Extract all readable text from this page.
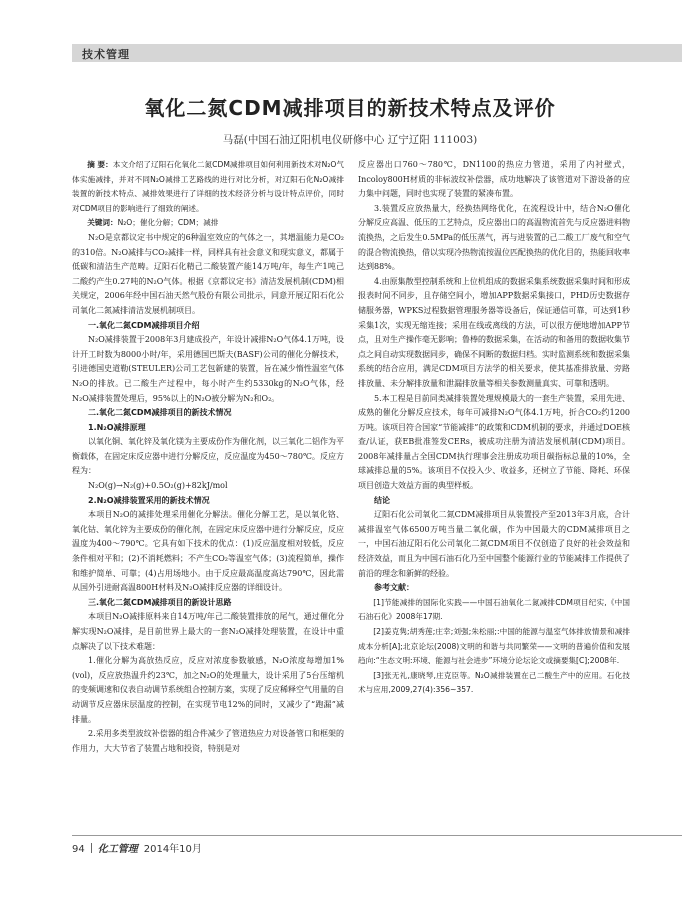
技术管理
氧化二氮CDM减排项目的新技术特点及评价
马磊(中国石油辽阳机电仪研修中心 辽宁辽阳 111003)

摘 要：本文介绍了辽阳石化氧化二氮CDM减排项目如何利用新技术对N₂O气体实施减排，并对不同N₂O减排工艺路线的进行对比分析，对辽阳石化N₂O减排装置的新技术特点、减排效果进行了详细的技术经济分析与设计特点评价，同时对CDM项目的影响进行了细致的阐述。

关键词：N₂O；催化分解；CDM；减排

N₂O是京都议定书中规定的6种温室效应的气体之一，其增温能力是CO₂的310倍。N₂O减排与CO₂减排一样，同样具有社会意义和现实意义，都属于低碳和清洁生产范畴。辽阳石化精己二酸装置产能14万吨/年，每生产1吨己二酸约产生0.27吨的N₂O气体。根据《京都议定书》清洁发展机制(CDM)相关规定，2006年经中国石油天然气股份有限公司批示，同意开展辽阳石化公司氧化二氮减排清洁发展机制项目。

一.氧化二氮CDM减排项目介绍

N₂O减排装置于2008年3月建成投产，年设计减排N₂O气体4.1万吨，设计开工时数为8000小时/年，采用德国巴斯夫(BASF)公司的催化分解技术，引进德国史道勒(STEULER)公司工艺包新建的装置，旨在减少惰性温室气体N₂O的排放。已二酸生产过程中，每小时产生约5330kg的N₂O气体，经N₂O减排装置处理后，95%以上的N₂O被分解为N₂和O₂。

二.氧化二氮CDM减排项目的新技术情况

1.N₂O减排原理

以氧化铜、氧化锌及氧化镁为主要成份作为催化剂，以三氧化二铝作为平衡载体，在固定床反应器中进行分解反应，反应温度为450～780℃。反应方程为：

N₂O(g)→N₂(g)+0.5O₂(g)+82kJ/mol

2.N₂O减排装置采用的新技术情况

本项目N₂O的减排处理采用催化分解法。催化分解工艺，是以氧化铬、氧化钴、氧化锌为主要成份的催化剂，在固定床反应器中进行分解反应，反应温度为400～790℃。它具有如下技术的优点：(1)反应温度相对较低，反应条件相对平和；(2)不消耗燃料；不产生CO₂等温室气体；(3)流程简单，操作和维护简单、可靠；(4)占用场地小。由于反应最高温度高达790℃，因此需从国外引进耐高温800H材料及N₂O减排反应器的详细设计。

三.氧化二氮CDM减排项目的新设计思路

本项目N₂O减排原料来自14万吨/年己二酸装置排放的尾气，通过催化分解实现N₂O减排，是目前世界上最大的一套N₂O减排处理装置，在设计中重点解决了以下技术难题：

1.催化分解为高放热反应，反应对浓度参数敏感，N₂O浓度每增加1%(vol)，反应放热温升约23℃，加之N₂O的处理量大，设计采用了5台压缩机的变频调速和仪表自动调节系统组合控制方案，实现了反应稀释空气用量的自动调节反应器床层温度的控制，在实现节电12%的同时，又减少了“跑漏”减排量。

2.采用多类型波纹补偿器的组合件减少了管道热应力对设备管口和框架的作用力，大大节省了装置占地和投资，特别是对

反应器出口760～780℃，DN1100的热应力管道，采用了内衬壁式，Incoloy800H材质的非标波纹补偿器，成功地解决了该管道对下游设备的应力集中问题，同时也实现了装置的紧凑布置。

3.装置反应放热量大，经换热网络优化，在流程设计中，结合N₂O催化分解反应高温、低压的工艺特点，反应器出口的高温物流首先与反应器进料物流换热，之后发生0.5MPa的低压蒸气，再与进装置的己二酸工厂废气和空气的混合物流换热，借以实现冷热物流按温位匹配换热的优化目的，热能回收率达到88%。

4.由原集散型控制系统和上位机组成的数据采集系统数据采集时间和形成报表时间不同步，且存储空间小，增加APP数据采集接口，PHD历史数据存储服务器，WPKS过程数据管理服务器等设备后，保证通信可靠，可达到1秒采集1次，实现无缩连接；采用在线或离线的方法，可以很方便地增加APP节点，且对生产操作毫无影响；鲁棒的数据采集，在活动的和备用的数据收集节点之间自动实现数据同步，确保不间断的数据归档。实时监测系统和数据采集系统的结合应用，满足CDM项目方法学的相关要求，使其基准排放量、旁路排放量、未分解排放量和泄漏排放量等相关参数测量真实、可靠和透明。

5.本工程是目前同类减排装置处理规模最大的一套生产装置，采用先进、成熟的催化分解反应技术，每年可减排N₂O气体4.1万吨，折合CO₂约1200万吨。该项目符合国家“节能减排”的政策和CDM机制的要求，并通过DOE核查/认证，获EB批准签发CERs，被成功注册为清洁发展机制(CDM)项目。2008年减排量占全国CDM执行理事会注册成功项目碳指标总量的10%，全球减排总量的5%。该项目不仅投入少、收益多，还树立了节能、降耗、环保项目创造大效益方面的典型样板。

结论

辽阳石化公司氧化二氮CDM减排项目从装置投产至2013年3月底，合计减排温室气体6500万吨当量二氧化碳，作为中国最大的CDM减排项目之一，中国石油辽阳石化公司氧化二氮CDM项目不仅创造了良好的社会效益和经济效益，而且为中国石油石化乃至中国整个能源行业的节能减排工作提供了前沿的理念和新鲜的经验。

参考文献：

[1]节能减排的国际化实践——中国石油氧化二氮减排CDM项目纪实,《中国石油石化》2008年17期.

[2]姜克隽;胡秀莲;庄幸;刘强;朱松丽;:中国的能源与温室气体排放情景和减排成本分析[A];北京论坛(2008)文明的和谐与共同繁荣——文明的普遍价值和发展趋向:“生态文明:环境、能源与社会进步”环境分论坛论文或摘要集[C];2008年.

[3]张无礼,康晓琴,庄克臣等。N₂O减排装置在己二酸生产中的应用。石化技术与应用,2009,27(4):356~357.

94 化工管理 2014年10月
